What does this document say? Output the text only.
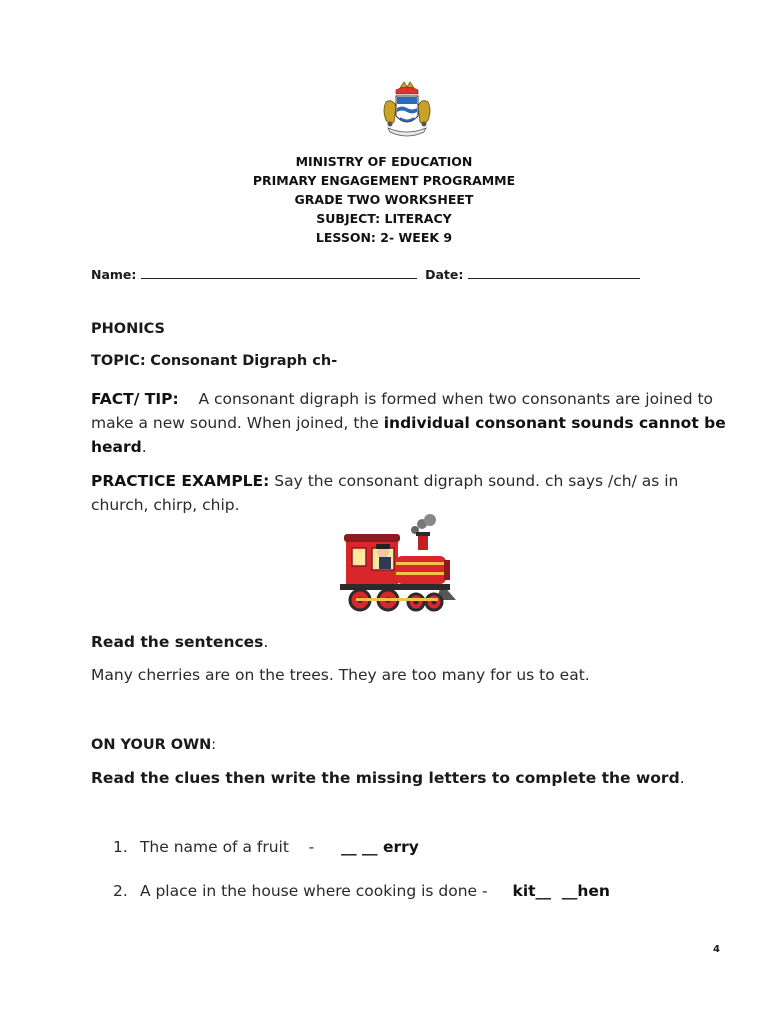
MINISTRY OF EDUCATION
PRIMARY ENGAGEMENT PROGRAMME
GRADE TWO WORKSHEET
SUBJECT: LITERACY
LESSON: 2- WEEK 9
Name:	Date:
PHONICS
TOPIC: Consonant Digraph ch-
FACT/ TIP: A consonant digraph is formed when two consonants are joined to make a new sound. When joined, the individual consonant sounds cannot be heard.
PRACTICE EXAMPLE: Say the consonant digraph sound. ch says /ch/ as in church, chirp, chip.
Read the sentences.
Many cherries are on the trees. They are too many for us to eat.
ON YOUR OWN:
Read the clues then write the missing letters to complete the word.
1. The name of a fruit    - __ __ erry
2. A place in the house where cooking is done - kit__  __hen
4
